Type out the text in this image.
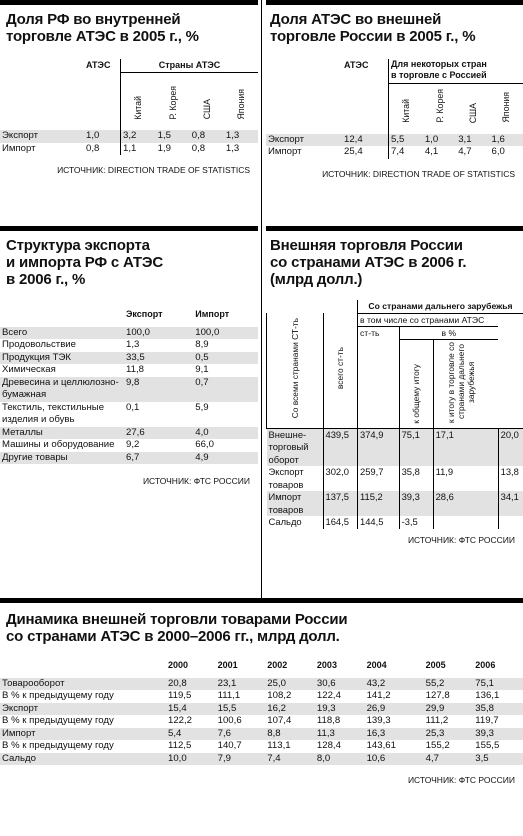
Доля РФ во внутренней
торговле АТЭС в 2005 г., %
	АТЭС	Страны АТЭС			
		Китай	Р. Корея	США	Япония

Экспорт	1,0	3,2	1,5	0,8	1,3
Импорт	0,8	1,1	1,9	0,8	1,3
ИСТОЧНИК: DIRECTION TRADE OF STATISTICS
Доля АТЭС во внешней
торговле России в 2005 г., %
	АТЭС	Для некоторых стран
в торговле с Россией			

		Китай	Р. Корея	США	Япония

Экспорт	12,4	5,5	1,0	3,1	1,6
Импорт	25,4	7,4	4,1	4,7	6,0
ИСТОЧНИК: DIRECTION TRADE OF STATISTICS
Структура экспорта
и импорта РФ с АТЭС
в 2006 г., %
	Экспорт	Импорт

Всего	100,0	100,0
Продовольствие	1,3	8,9
Продукция ТЭК	33,5	0,5
Химическая	11,8	9,1
Древесина и целлюлозно-бумажная	9,8	0,7
Текстиль, текстильные изделия и обувь	0,1	5,9
Металлы	27,6	4,0
Машины и оборудование	9,2	66,0
Другие товары	6,7	4,9
ИСТОЧНИК: ФТС РОССИИ
Внешняя торговля России
со странами АТЭС в 2006 г.
(млрд долл.)
		Со странами дальнего зарубежья			
Со всеми странами СТ-ть	всего ст-ть	в том числе со странами АТЭС			
		ст-ть	в %		
			к общему итогу	к итогу в торговле со странами дальнего зарубежья	
Внешне-торговый оборот	439,5	374,9	75,1	17,1	20,0
Экспорт товаров	302,0	259,7	35,8	11,9	13,8
Импорт товаров	137,5	115,2	39,3	28,6	34,1
Сальдо	164,5	144,5	-3,5		
ИСТОЧНИК: ФТС РОССИИ
Динамика внешней торговли товарами России
со странами АТЭС в 2000–2006 гг., млрд долл.
	2000	2001	2002	2003	2004	2005	2006

Товарооборот	20,8	23,1	25,0	30,6	43,2	55,2	75,1
В % к предыдущему году	119,5	111,1	108,2	122,4	141,2	127,8	136,1
Экспорт	15,4	15,5	16,2	19,3	26,9	29,9	35,8
В % к предыдущему году	122,2	100,6	107,4	118,8	139,3	111,2	119,7
Импорт	5,4	7,6	8,8	11,3	16,3	25,3	39,3
В % к предыдущему году	112,5	140,7	113,1	128,4	143,61	155,2	155,5
Сальдо	10,0	7,9	7,4	8,0	10,6	4,7	3,5
ИСТОЧНИК: ФТС РОССИИ
